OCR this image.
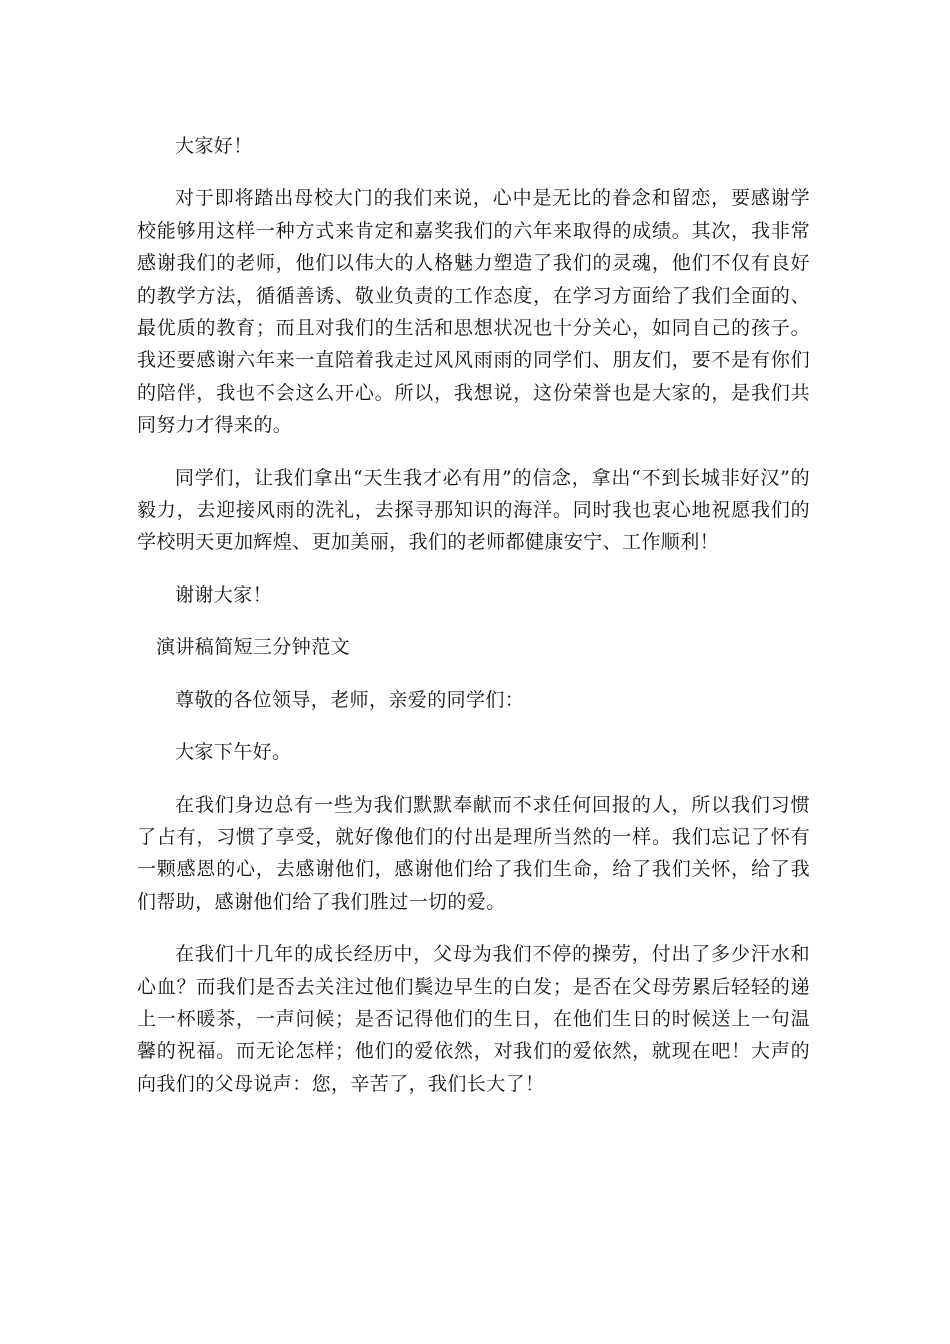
大家好！

对于即将踏出母校大门的我们来说，心中是无比的眷念和留恋，要感谢学校能够用这样一种方式来肯定和嘉奖我们的六年来取得的成绩。其次，我非常感谢我们的老师，他们以伟大的人格魅力塑造了我们的灵魂，他们不仅有良好的教学方法，循循善诱、敬业负责的工作态度，在学习方面给了我们全面的、最优质的教育；而且对我们的生活和思想状况也十分关心，如同自己的孩子。我还要感谢六年来一直陪着我走过风风雨雨的同学们、朋友们，要不是有你们的陪伴，我也不会这么开心。所以，我想说，这份荣誉也是大家的，是我们共同努力才得来的。

同学们，让我们拿出“天生我才必有用”的信念，拿出“不到长城非好汉”的毅力，去迎接风雨的洗礼，去探寻那知识的海洋。同时我也衷心地祝愿我们的学校明天更加辉煌、更加美丽，我们的老师都健康安宁、工作顺利！

谢谢大家！

演讲稿简短三分钟范文

尊敬的各位领导，老师，亲爱的同学们：

大家下午好。

在我们身边总有一些为我们默默奉献而不求任何回报的人，所以我们习惯了占有，习惯了享受，就好像他们的付出是理所当然的一样。我们忘记了怀有一颗感恩的心，去感谢他们，感谢他们给了我们生命，给了我们关怀，给了我们帮助，感谢他们给了我们胜过一切的爱。

在我们十几年的成长经历中，父母为我们不停的操劳，付出了多少汗水和心血？而我们是否去关注过他们鬓边早生的白发；是否在父母劳累后轻轻的递上一杯暖茶，一声问候；是否记得他们的生日，在他们生日的时候送上一句温馨的祝福。而无论怎样；他们的爱依然，对我们的爱依然，就现在吧！大声的向我们的父母说声：您，辛苦了，我们长大了！
